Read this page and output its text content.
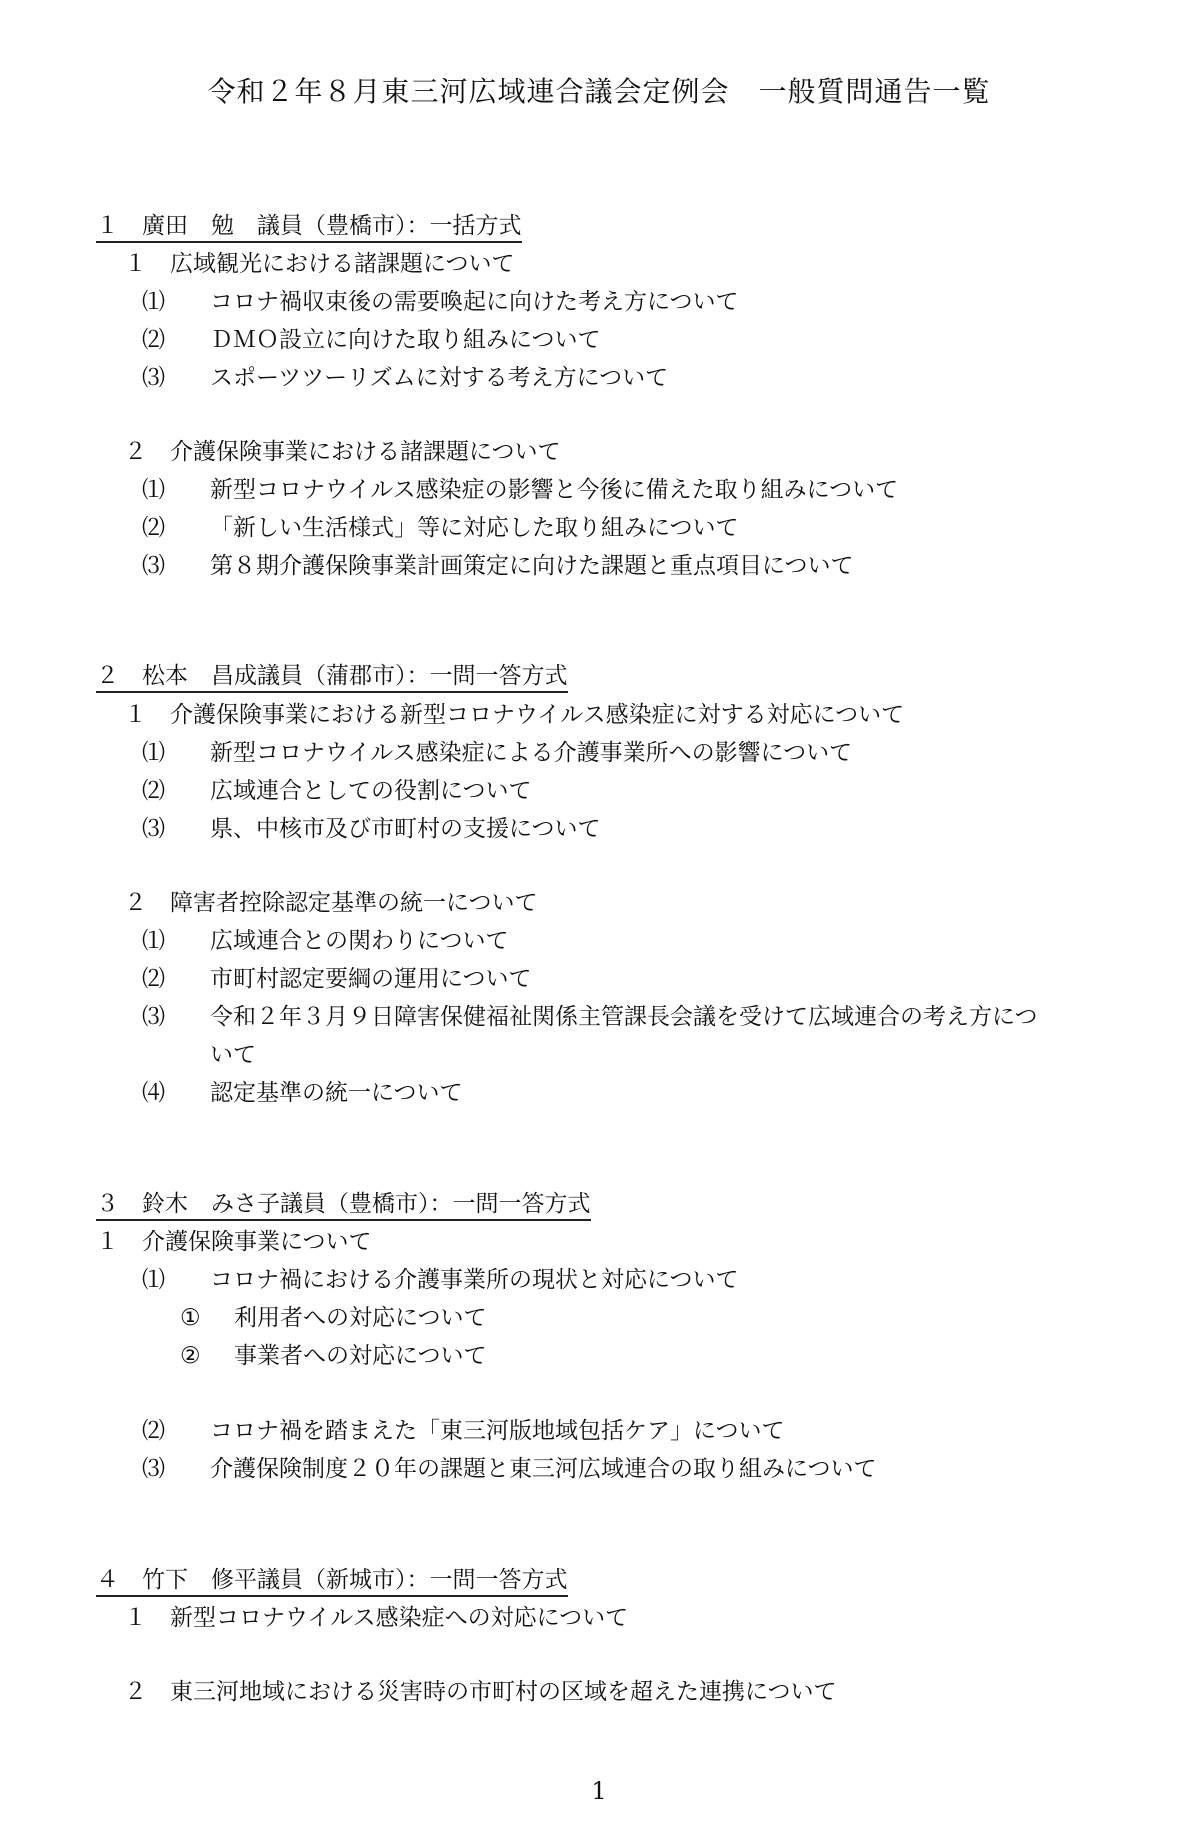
令和２年８月東三河広域連合議会定例会　一般質問通告一覧
１　廣田　勉　議員（豊橋市）：一括方式
１　広域観光における諸課題について
⑴ コロナ禍収束後の需要喚起に向けた考え方について
⑵ ＤＭＯ設立に向けた取り組みについて
⑶ スポーツツーリズムに対する考え方について
２　介護保険事業における諸課題について
⑴ 新型コロナウイルス感染症の影響と今後に備えた取り組みについて
⑵ 「新しい生活様式」等に対応した取り組みについて
⑶ 第８期介護保険事業計画策定に向けた課題と重点項目について
２　松本　昌成議員（蒲郡市）：一問一答方式
１　介護保険事業における新型コロナウイルス感染症に対する対応について
⑴ 新型コロナウイルス感染症による介護事業所への影響について
⑵ 広域連合としての役割について
⑶ 県、中核市及び市町村の支援について
２　障害者控除認定基準の統一について
⑴ 広域連合との関わりについて
⑵ 市町村認定要綱の運用について
⑶ 令和２年３月９日障害保健福祉関係主管課長会議を受けて広域連合の考え方につ
いて
⑷ 認定基準の統一について
３　鈴木　みさ子議員（豊橋市）：一問一答方式
１　介護保険事業について
⑴ コロナ禍における介護事業所の現状と対応について
① 利用者への対応について
② 事業者への対応について
⑵ コロナ禍を踏まえた「東三河版地域包括ケア」について
⑶ 介護保険制度２０年の課題と東三河広域連合の取り組みについて
４　竹下　修平議員（新城市）：一問一答方式
１　新型コロナウイルス感染症への対応について
２　東三河地域における災害時の市町村の区域を超えた連携について
1
